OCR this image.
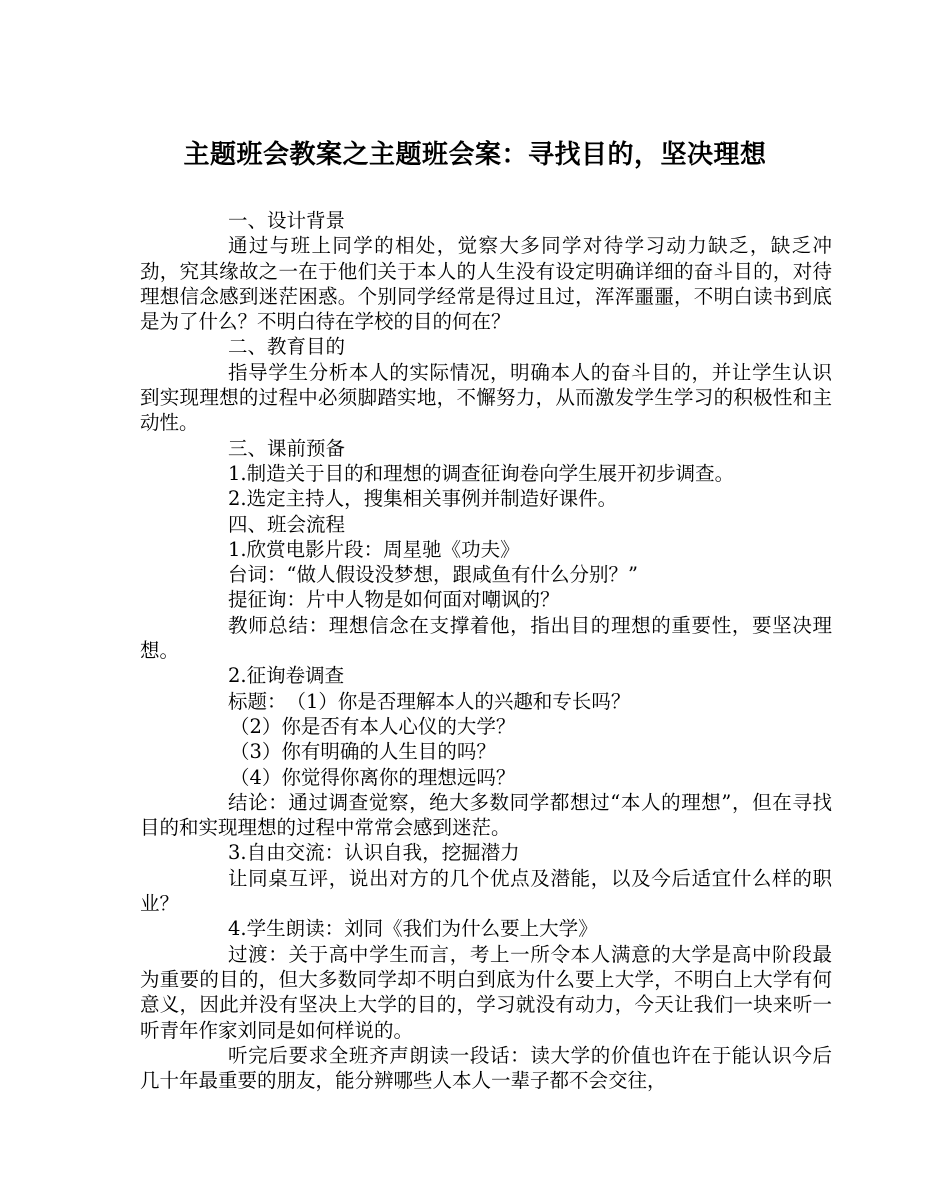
主题班会教案之主题班会案：寻找目的，坚决理想

一、设计背景

通过与班上同学的相处，觉察大多同学对待学习动力缺乏，缺乏冲劲，究其缘故之一在于他们关于本人的人生没有设定明确详细的奋斗目的，对待理想信念感到迷茫困惑。个别同学经常是得过且过，浑浑噩噩，不明白读书到底是为了什么？不明白待在学校的目的何在？

二、教育目的

指导学生分析本人的实际情况，明确本人的奋斗目的，并让学生认识到实现理想的过程中必须脚踏实地，不懈努力，从而激发学生学习的积极性和主动性。

三、课前预备

1.制造关于目的和理想的调查征询卷向学生展开初步调查。

2.选定主持人，搜集相关事例并制造好课件。

四、班会流程

1.欣赏电影片段：周星驰《功夫》

台词：“做人假设没梦想，跟咸鱼有什么分别？”

提征询：片中人物是如何面对嘲讽的？

教师总结：理想信念在支撑着他，指出目的理想的重要性，要坚决理想。

2.征询卷调查

标题：　（1）你是否理解本人的兴趣和专长吗？

（2）你是否有本人心仪的大学？

（3）你有明确的人生目的吗？

（4）你觉得你离你的理想远吗？

结论：通过调查觉察，绝大多数同学都想过“本人的理想”，但在寻找目的和实现理想的过程中常常会感到迷茫。

3.自由交流：认识自我，挖掘潜力

让同桌互评，说出对方的几个优点及潜能，以及今后适宜什么样的职业？

4.学生朗读：刘同《我们为什么要上大学》

过渡：关于高中学生而言，考上一所令本人满意的大学是高中阶段最为重要的目的，但大多数同学却不明白到底为什么要上大学，不明白上大学有何意义，因此并没有坚决上大学的目的，学习就没有动力，今天让我们一块来听一听青年作家刘同是如何样说的。

听完后要求全班齐声朗读一段话：读大学的价值也许在于能认识今后几十年最重要的朋友，能分辨哪些人本人一辈子都不会交往，
